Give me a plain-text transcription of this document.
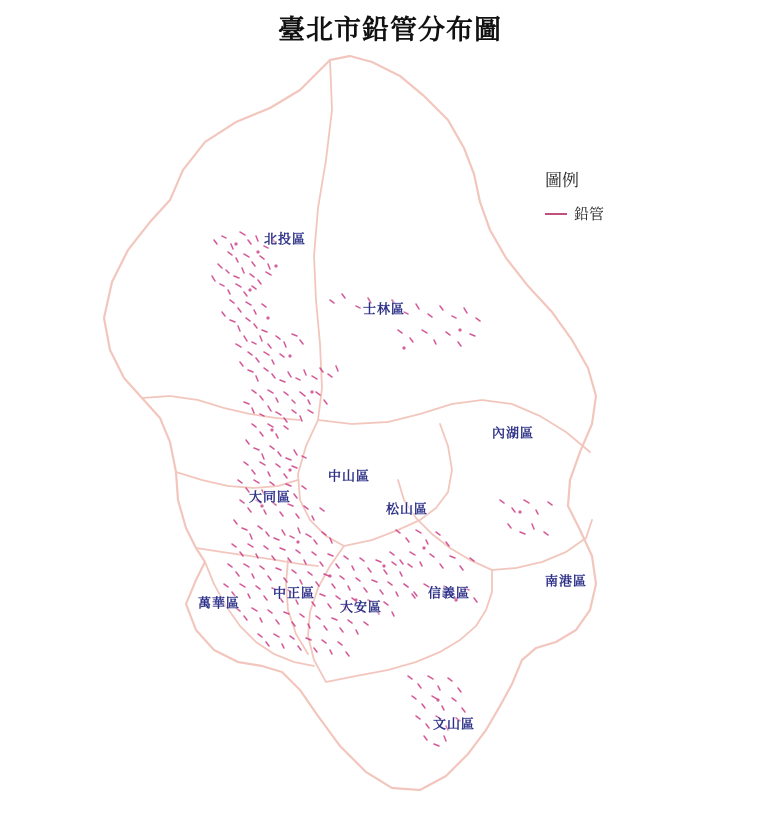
臺北市鉛管分布圖
圖例
鉛管
北投區
士林區
內湖區
中山區
大同區
松山區
南港區
信義區
萬華區
中正區
大安區
文山區
